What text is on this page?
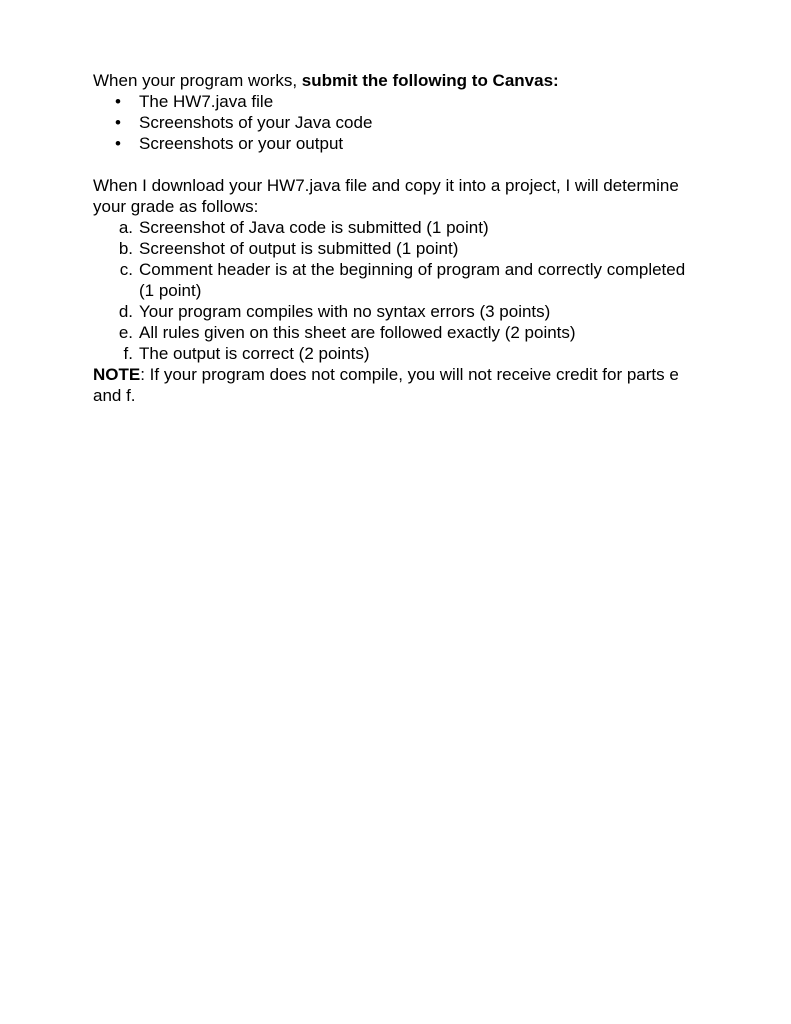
When your program works, submit the following to Canvas:

• The HW7.java file
• Screenshots of your Java code
• Screenshots or your output

When I download your HW7.java file and copy it into a project, I will determine your grade as follows:

a. Screenshot of Java code is submitted (1 point)
b. Screenshot of output is submitted (1 point)
c. Comment header is at the beginning of program and correctly completed (1 point)
d. Your program compiles with no syntax errors (3 points)
e. All rules given on this sheet are followed exactly (2 points)
f. The output is correct (2 points)

NOTE: If your program does not compile, you will not receive credit for parts e and f.
